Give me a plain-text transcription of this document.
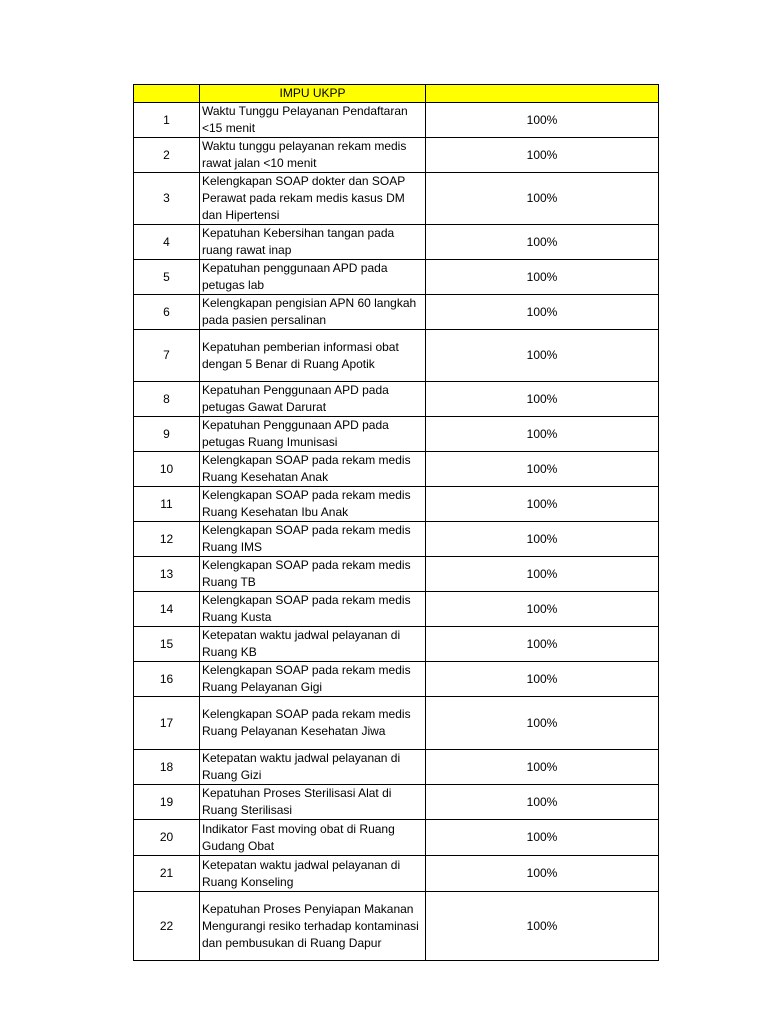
	IMPU UKPP	
1	Waktu Tunggu Pelayanan Pendaftaran <15 menit	100%
2	Waktu tunggu pelayanan rekam medis rawat jalan <10 menit	100%
3	Kelengkapan SOAP dokter dan SOAP Perawat pada rekam medis kasus DM dan Hipertensi	100%
4	Kepatuhan Kebersihan tangan pada ruang rawat inap	100%
5	Kepatuhan penggunaan APD pada petugas lab	100%
6	Kelengkapan pengisian APN 60 langkah pada pasien persalinan	100%
7	Kepatuhan pemberian informasi obat dengan 5 Benar di Ruang Apotik	100%
8	Kepatuhan Penggunaan APD pada petugas Gawat Darurat	100%
9	Kepatuhan Penggunaan APD pada petugas Ruang Imunisasi	100%
10	Kelengkapan SOAP pada rekam medis Ruang Kesehatan Anak	100%
11	Kelengkapan SOAP pada rekam medis Ruang Kesehatan Ibu Anak	100%
12	Kelengkapan SOAP pada rekam medis Ruang IMS	100%
13	Kelengkapan SOAP pada rekam medis Ruang TB	100%
14	Kelengkapan SOAP pada rekam medis Ruang Kusta	100%
15	Ketepatan waktu jadwal pelayanan di Ruang KB	100%
16	Kelengkapan SOAP pada rekam medis Ruang Pelayanan Gigi	100%
17	Kelengkapan SOAP pada rekam medis Ruang Pelayanan Kesehatan Jiwa	100%
18	Ketepatan waktu jadwal pelayanan di Ruang Gizi	100%
19	Kepatuhan Proses Sterilisasi Alat di Ruang Sterilisasi	100%
20	Indikator Fast moving obat di Ruang Gudang Obat	100%
21	Ketepatan waktu jadwal pelayanan di Ruang Konseling	100%
22	Kepatuhan Proses Penyiapan Makanan Mengurangi resiko terhadap kontaminasi dan pembusukan di Ruang Dapur	100%
